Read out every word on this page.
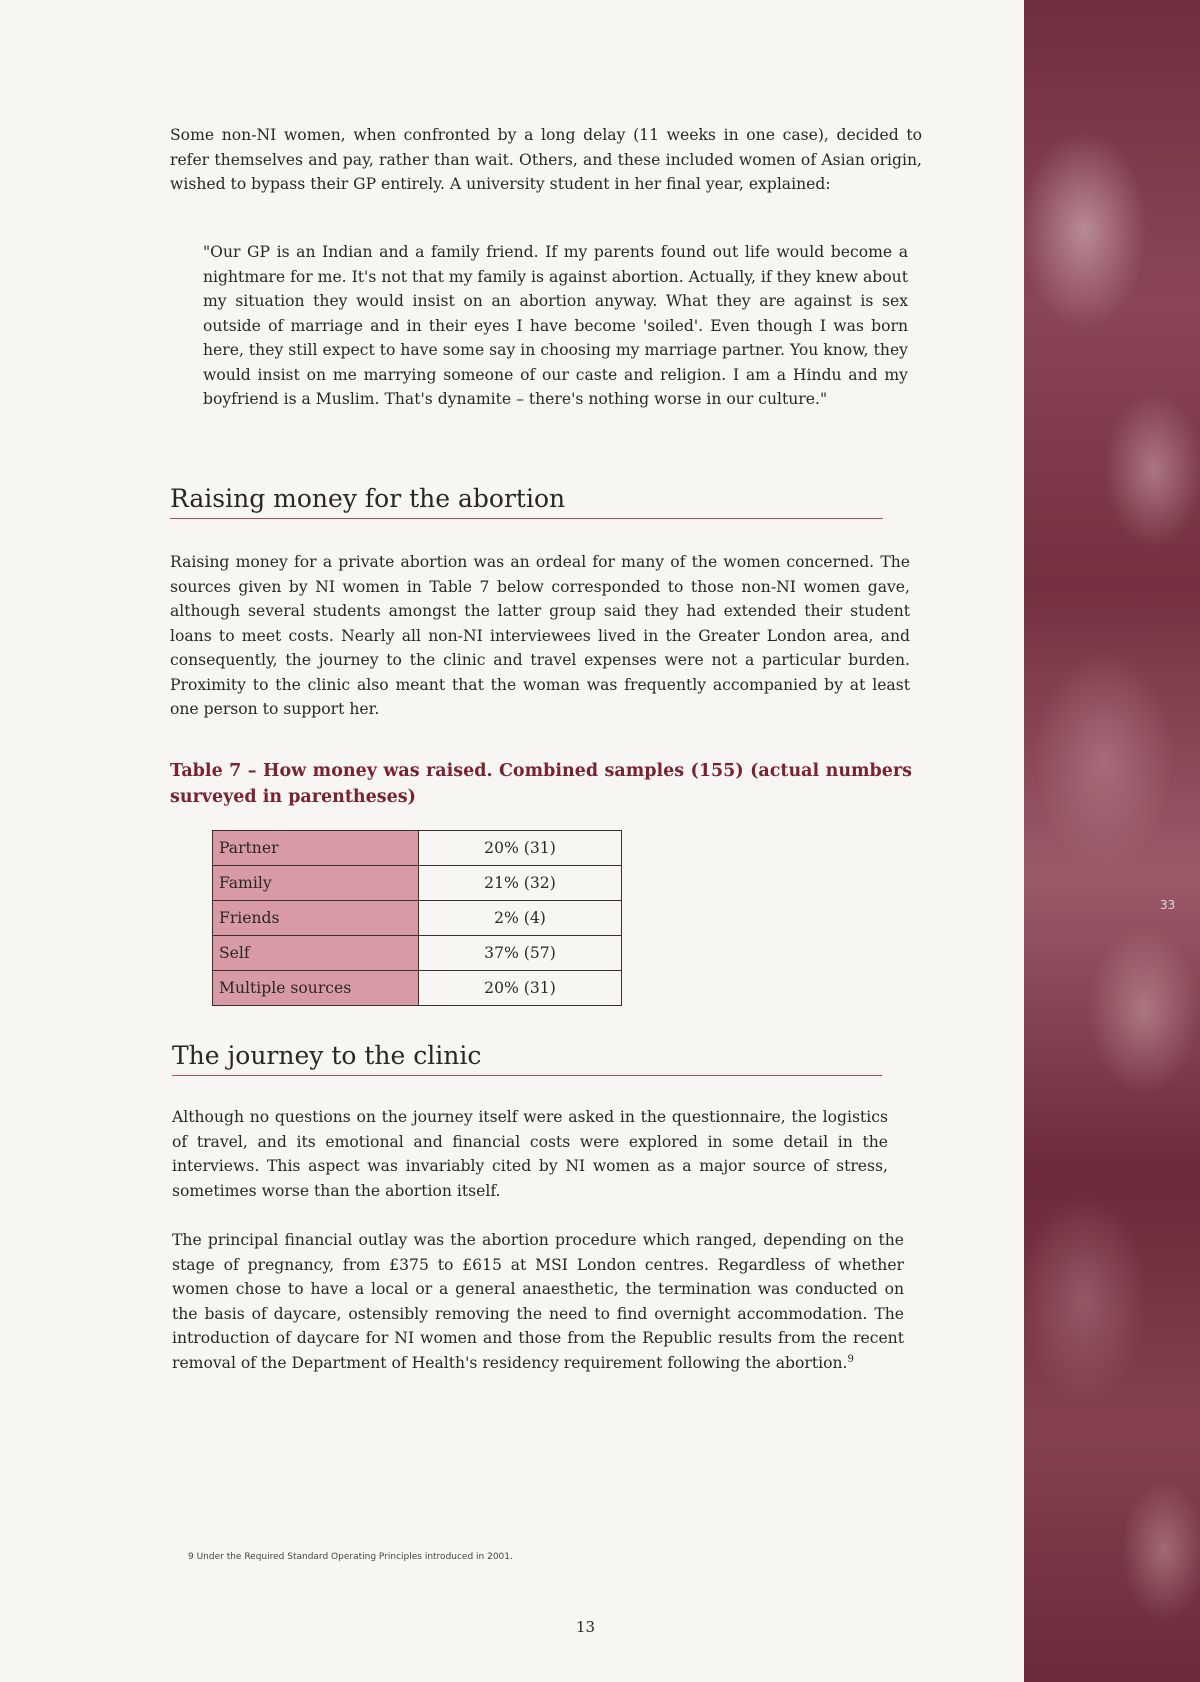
Some non-NI women, when confronted by a long delay (11 weeks in one case), decided to refer themselves and pay, rather than wait. Others, and these included women of Asian origin, wished to bypass their GP entirely. A university student in her final year, explained:

"Our GP is an Indian and a family friend. If my parents found out life would become a nightmare for me. It's not that my family is against abortion. Actually, if they knew about my situation they would insist on an abortion anyway. What they are against is sex outside of marriage and in their eyes I have become 'soiled'. Even though I was born here, they still expect to have some say in choosing my marriage partner. You know, they would insist on me marrying someone of our caste and religion. I am a Hindu and my boyfriend is a Muslim. That's dynamite – there's nothing worse in our culture."

Raising money for the abortion

Raising money for a private abortion was an ordeal for many of the women concerned. The sources given by NI women in Table 7 below corresponded to those non-NI women gave, although several students amongst the latter group said they had extended their student loans to meet costs. Nearly all non-NI interviewees lived in the Greater London area, and consequently, the journey to the clinic and travel expenses were not a particular burden. Proximity to the clinic also meant that the woman was frequently accompanied by at least one person to support her.

Table 7 – How money was raised. Combined samples (155) (actual numbers surveyed in parentheses)

Partner	20% (31)
Family	21% (32)
Friends	2% (4)
Self	37% (57)
Multiple sources	20% (31)
The journey to the clinic

Although no questions on the journey itself were asked in the questionnaire, the logistics of travel, and its emotional and financial costs were explored in some detail in the interviews. This aspect was invariably cited by NI women as a major source of stress, sometimes worse than the abortion itself.

The principal financial outlay was the abortion procedure which ranged, depending on the stage of pregnancy, from £375 to £615 at MSI London centres. Regardless of whether women chose to have a local or a general anaesthetic, the termination was conducted on the basis of daycare, ostensibly removing the need to find overnight accommodation. The introduction of daycare for NI women and those from the Republic results from the recent removal of the Department of Health's residency requirement following the abortion.$^9$

9 Under the Required Standard Operating Principles introduced in 2001.

13

33
